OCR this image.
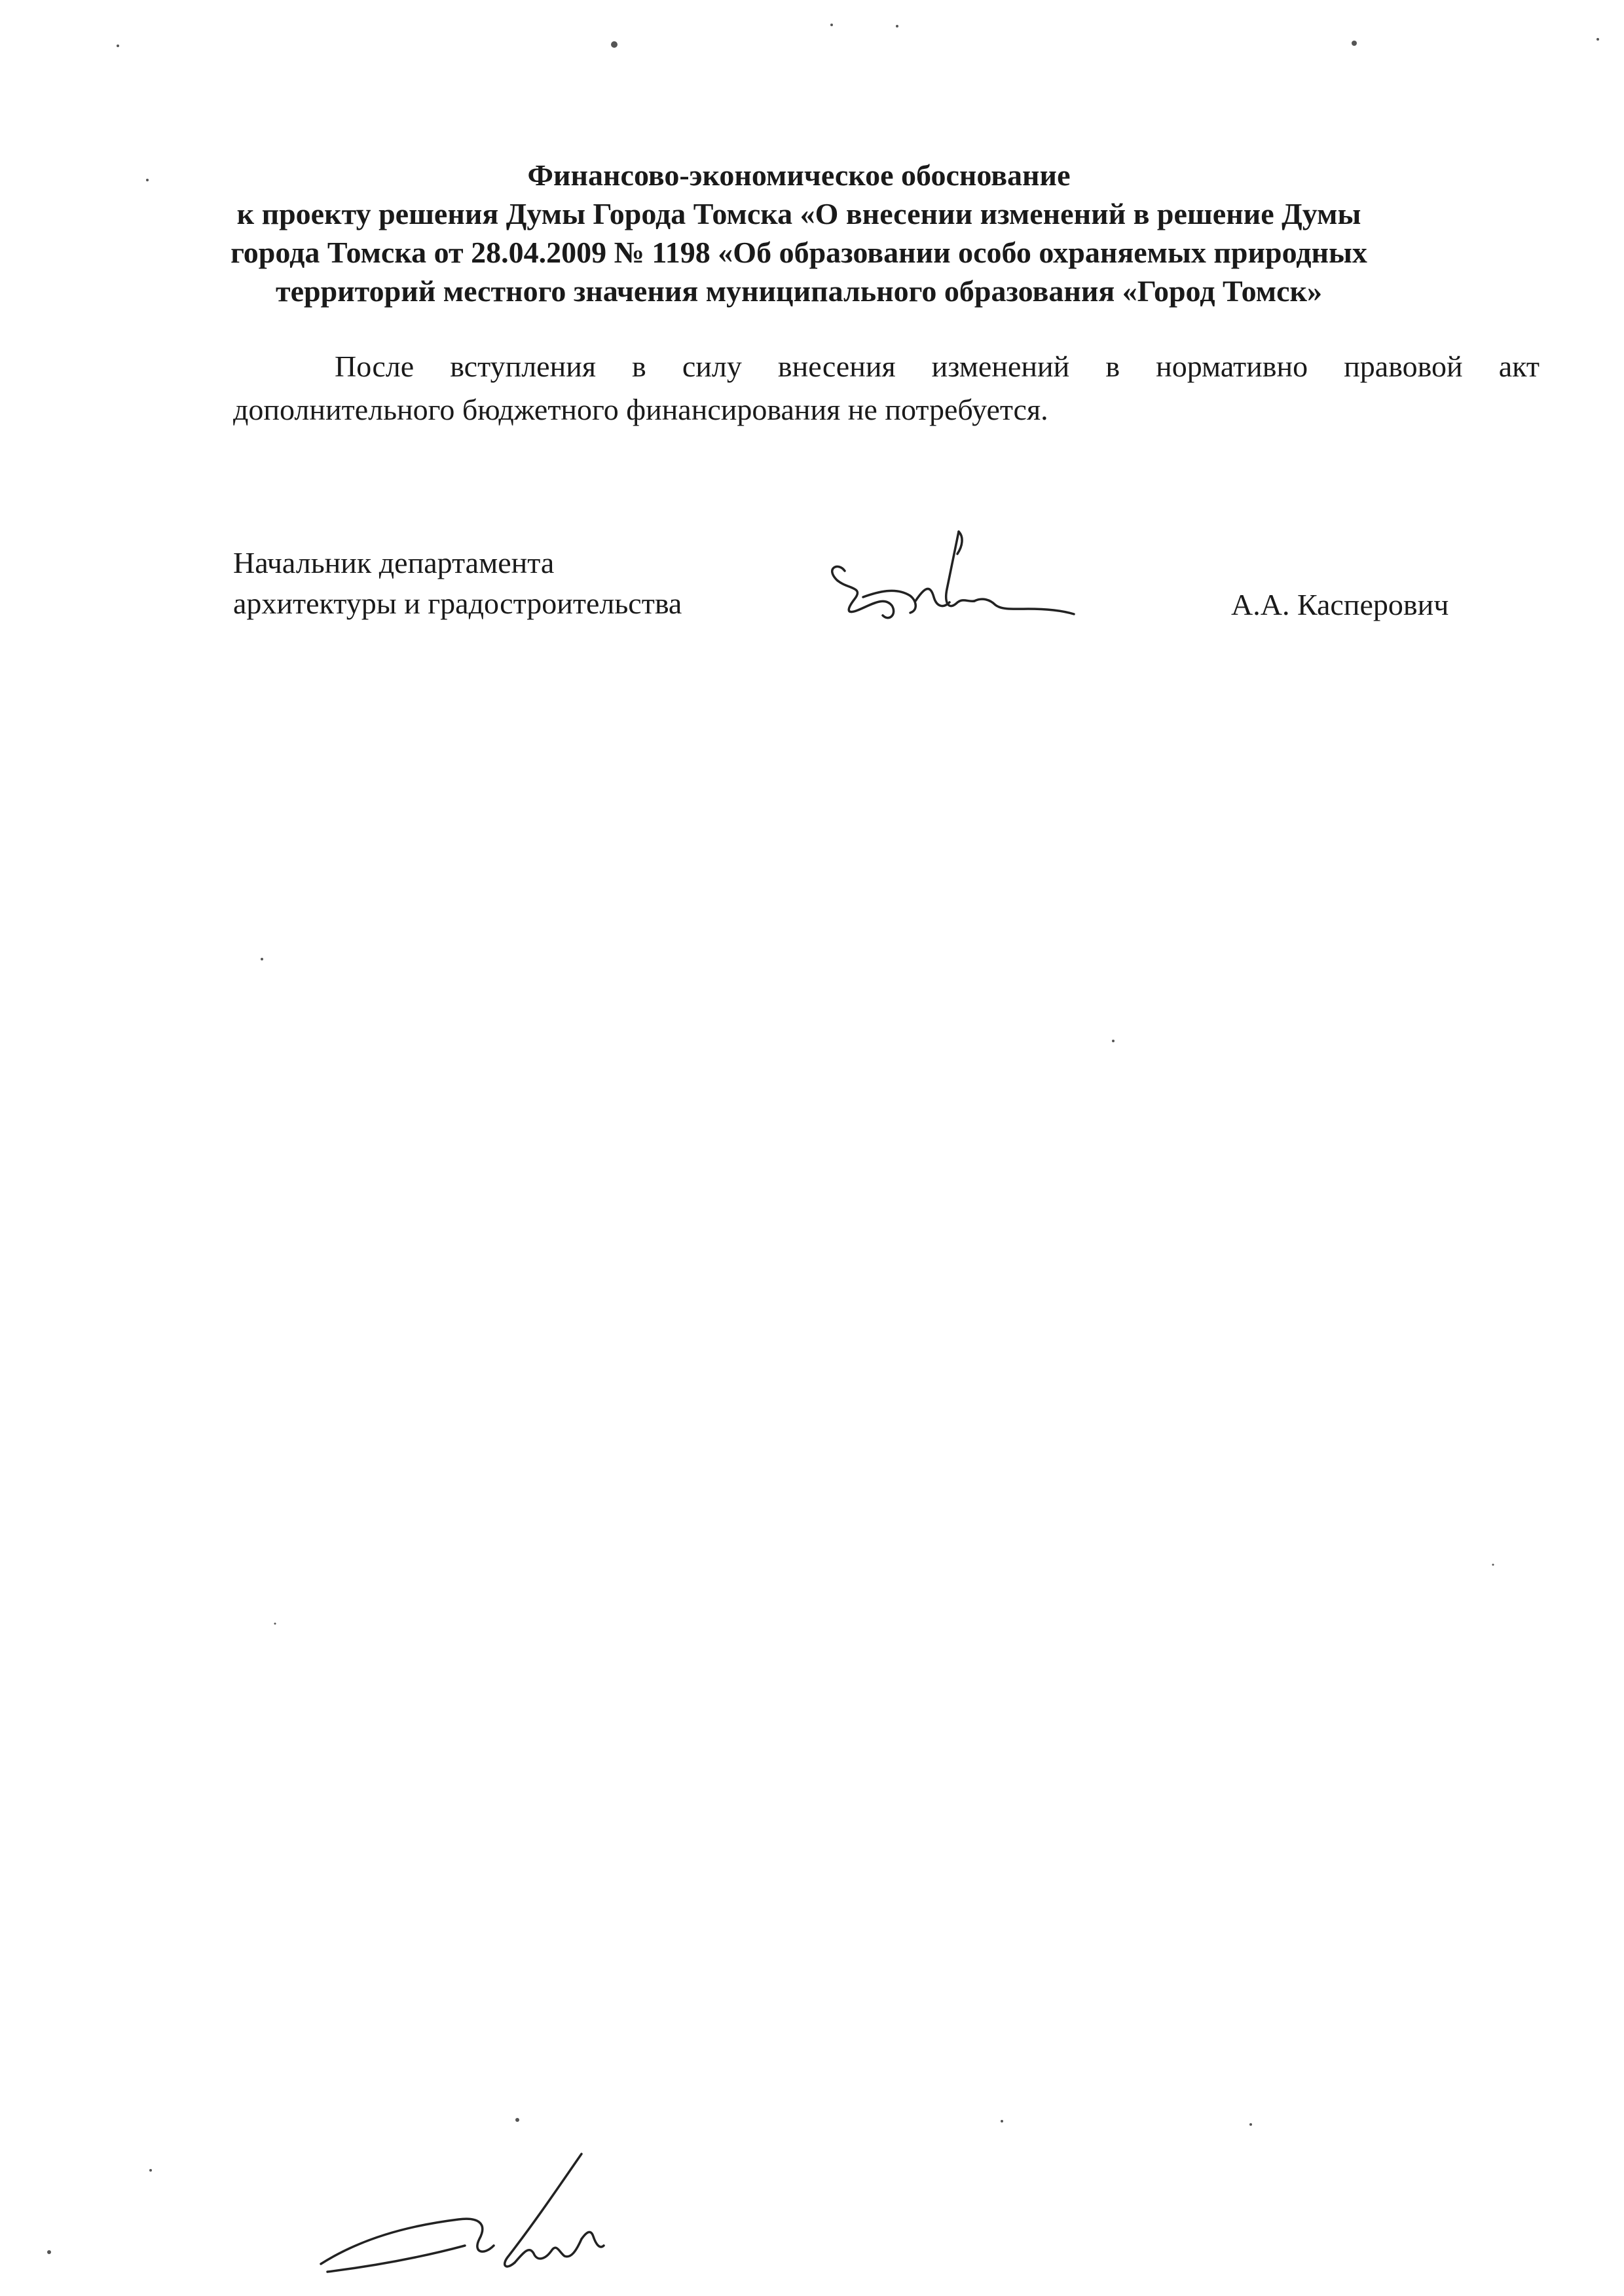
Финансово-экономическое обоснование
к проекту решения Думы Города Томска «О внесении изменений в решение Думы
города Томска от 28.04.2009 № 1198 «Об образовании особо охраняемых природных
территорий местного значения муниципального образования «Город Томск»
После вступления в силу внесения изменений в нормативно правовой акт
дополнительного бюджетного финансирования не потребуется.
Начальник департамента
архитектуры и градостроительства	А.А. Касперович
